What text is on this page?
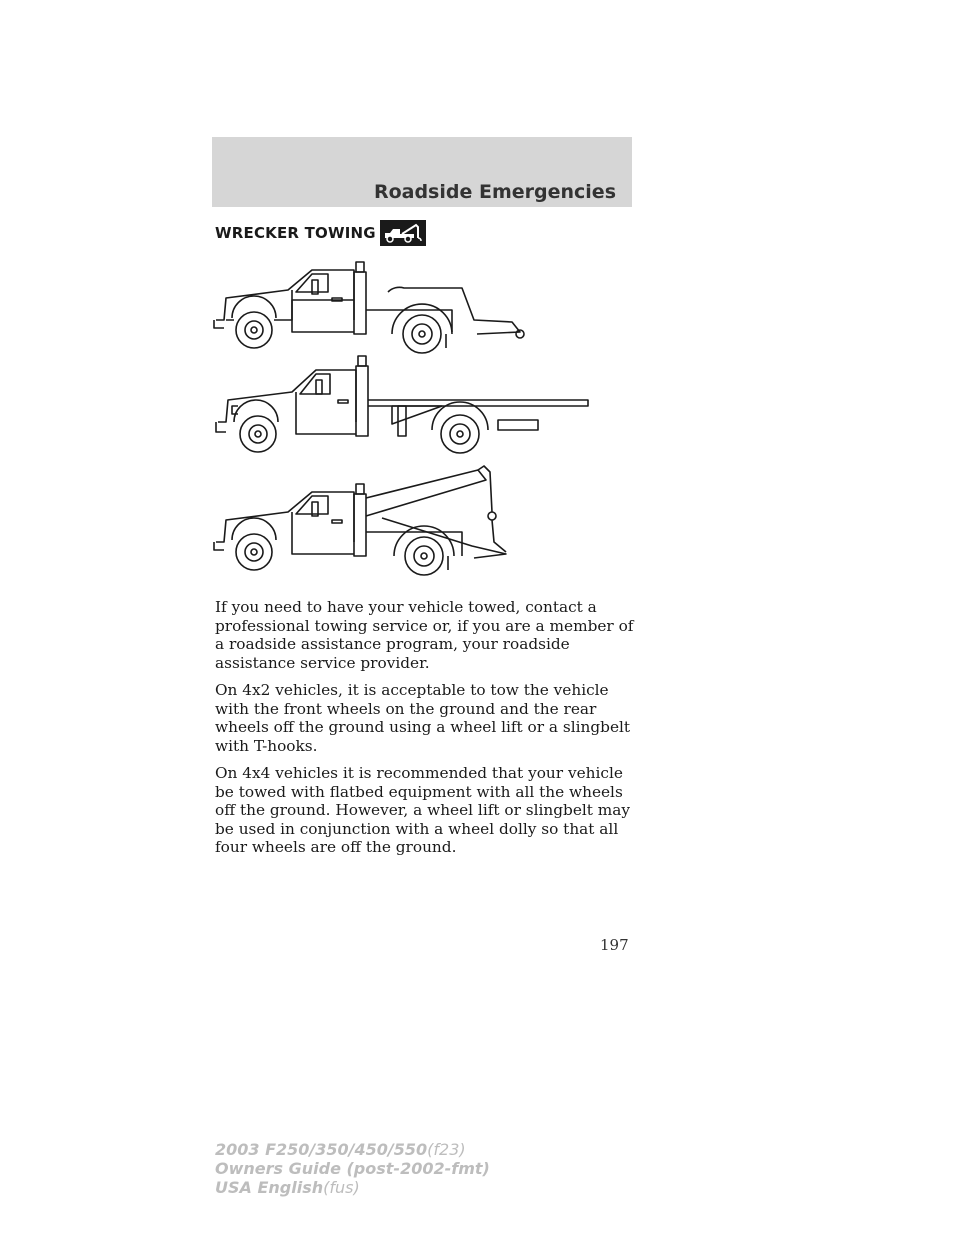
Roadside Emergencies
WRECKER TOWING

If you need to have your vehicle towed, contact a professional towing service or, if you are a member of a roadside assistance program, your roadside assistance service provider.

On 4x2 vehicles, it is acceptable to tow the vehicle with the front wheels on the ground and the rear wheels off the ground using a wheel lift or a slingbelt with T-hooks.

On 4x4 vehicles it is recommended that your vehicle be towed with flatbed equipment with all the wheels off the ground. However, a wheel lift or slingbelt may be used in conjunction with a wheel dolly so that all four wheels are off the ground.

197
2003 F250/350/450/550(f23)
Owners Guide (post-2002-fmt)
USA English(fus)
